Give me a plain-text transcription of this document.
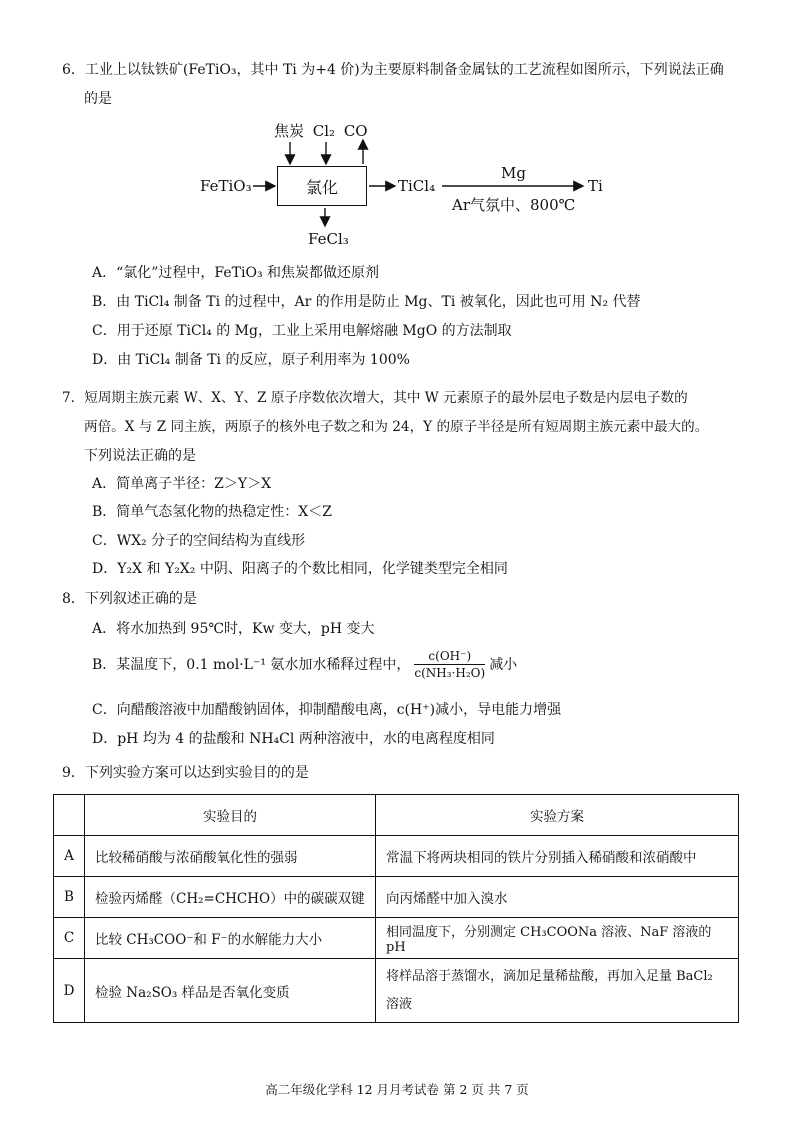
6．工业上以钛铁矿(FeTiO₃，其中 Ti 为+4 价)为主要原料制备金属钛的工艺流程如图所示，下列说法正确
的是
焦炭 Cl₂ CO
氯化
FeTiO₃
FeCl₃
TiCl₄
Mg
Ar气氛中、800℃
Ti
A．“氯化”过程中，FeTiO₃ 和焦炭都做还原剂
B．由 TiCl₄ 制备 Ti 的过程中，Ar 的作用是防止 Mg、Ti 被氧化，因此也可用 N₂ 代替
C．用于还原 TiCl₄ 的 Mg，工业上采用电解熔融 MgO 的方法制取
D．由 TiCl₄ 制备 Ti 的反应，原子利用率为 100%
7．短周期主族元素 W、X、Y、Z 原子序数依次增大，其中 W 元素原子的最外层电子数是内层电子数的
两倍。X 与 Z 同主族，两原子的核外电子数之和为 24，Y 的原子半径是所有短周期主族元素中最大的。
下列说法正确的是
A．简单离子半径：Z＞Y＞X
B．简单气态氢化物的热稳定性：X＜Z
C．WX₂ 分子的空间结构为直线形
D．Y₂X 和 Y₂X₂ 中阴、阳离子的个数比相同，化学键类型完全相同
8．下列叙述正确的是
A．将水加热到 95℃时，Kw 变大，pH 变大
B．某温度下，0.1 mol·L⁻¹ 氨水加水稀释过程中， $\frac{c(OH^-)}{\text{c(NH₃·H₂O)}}$ 减小
C．向醋酸溶液中加醋酸钠固体，抑制醋酸电离，c(H⁺)减小，导电能力增强
D．pH 均为 4 的盐酸和 NH₄Cl 两种溶液中，水的电离程度相同
9．下列实验方案可以达到实验目的的是
	实验目的	实验方案
A	比较稀硝酸与浓硝酸氧化性的强弱	常温下将两块相同的铁片分别插入稀硝酸和浓硝酸中
B	检验丙烯醛（CH₂=CHCHO）中的碳碳双键	向丙烯醛中加入溴水
C	比较 CH₃COO⁻和 F⁻的水解能力大小	相同温度下，分别测定 CH₃COONa 溶液、NaF 溶液的 pH
D	检验 Na₂SO₃ 样品是否氧化变质	将样品溶于蒸馏水，滴加足量稀盐酸，再加入足量 BaCl₂
溶液
高二年级化学科 12 月月考试卷 第 2 页 共 7 页
